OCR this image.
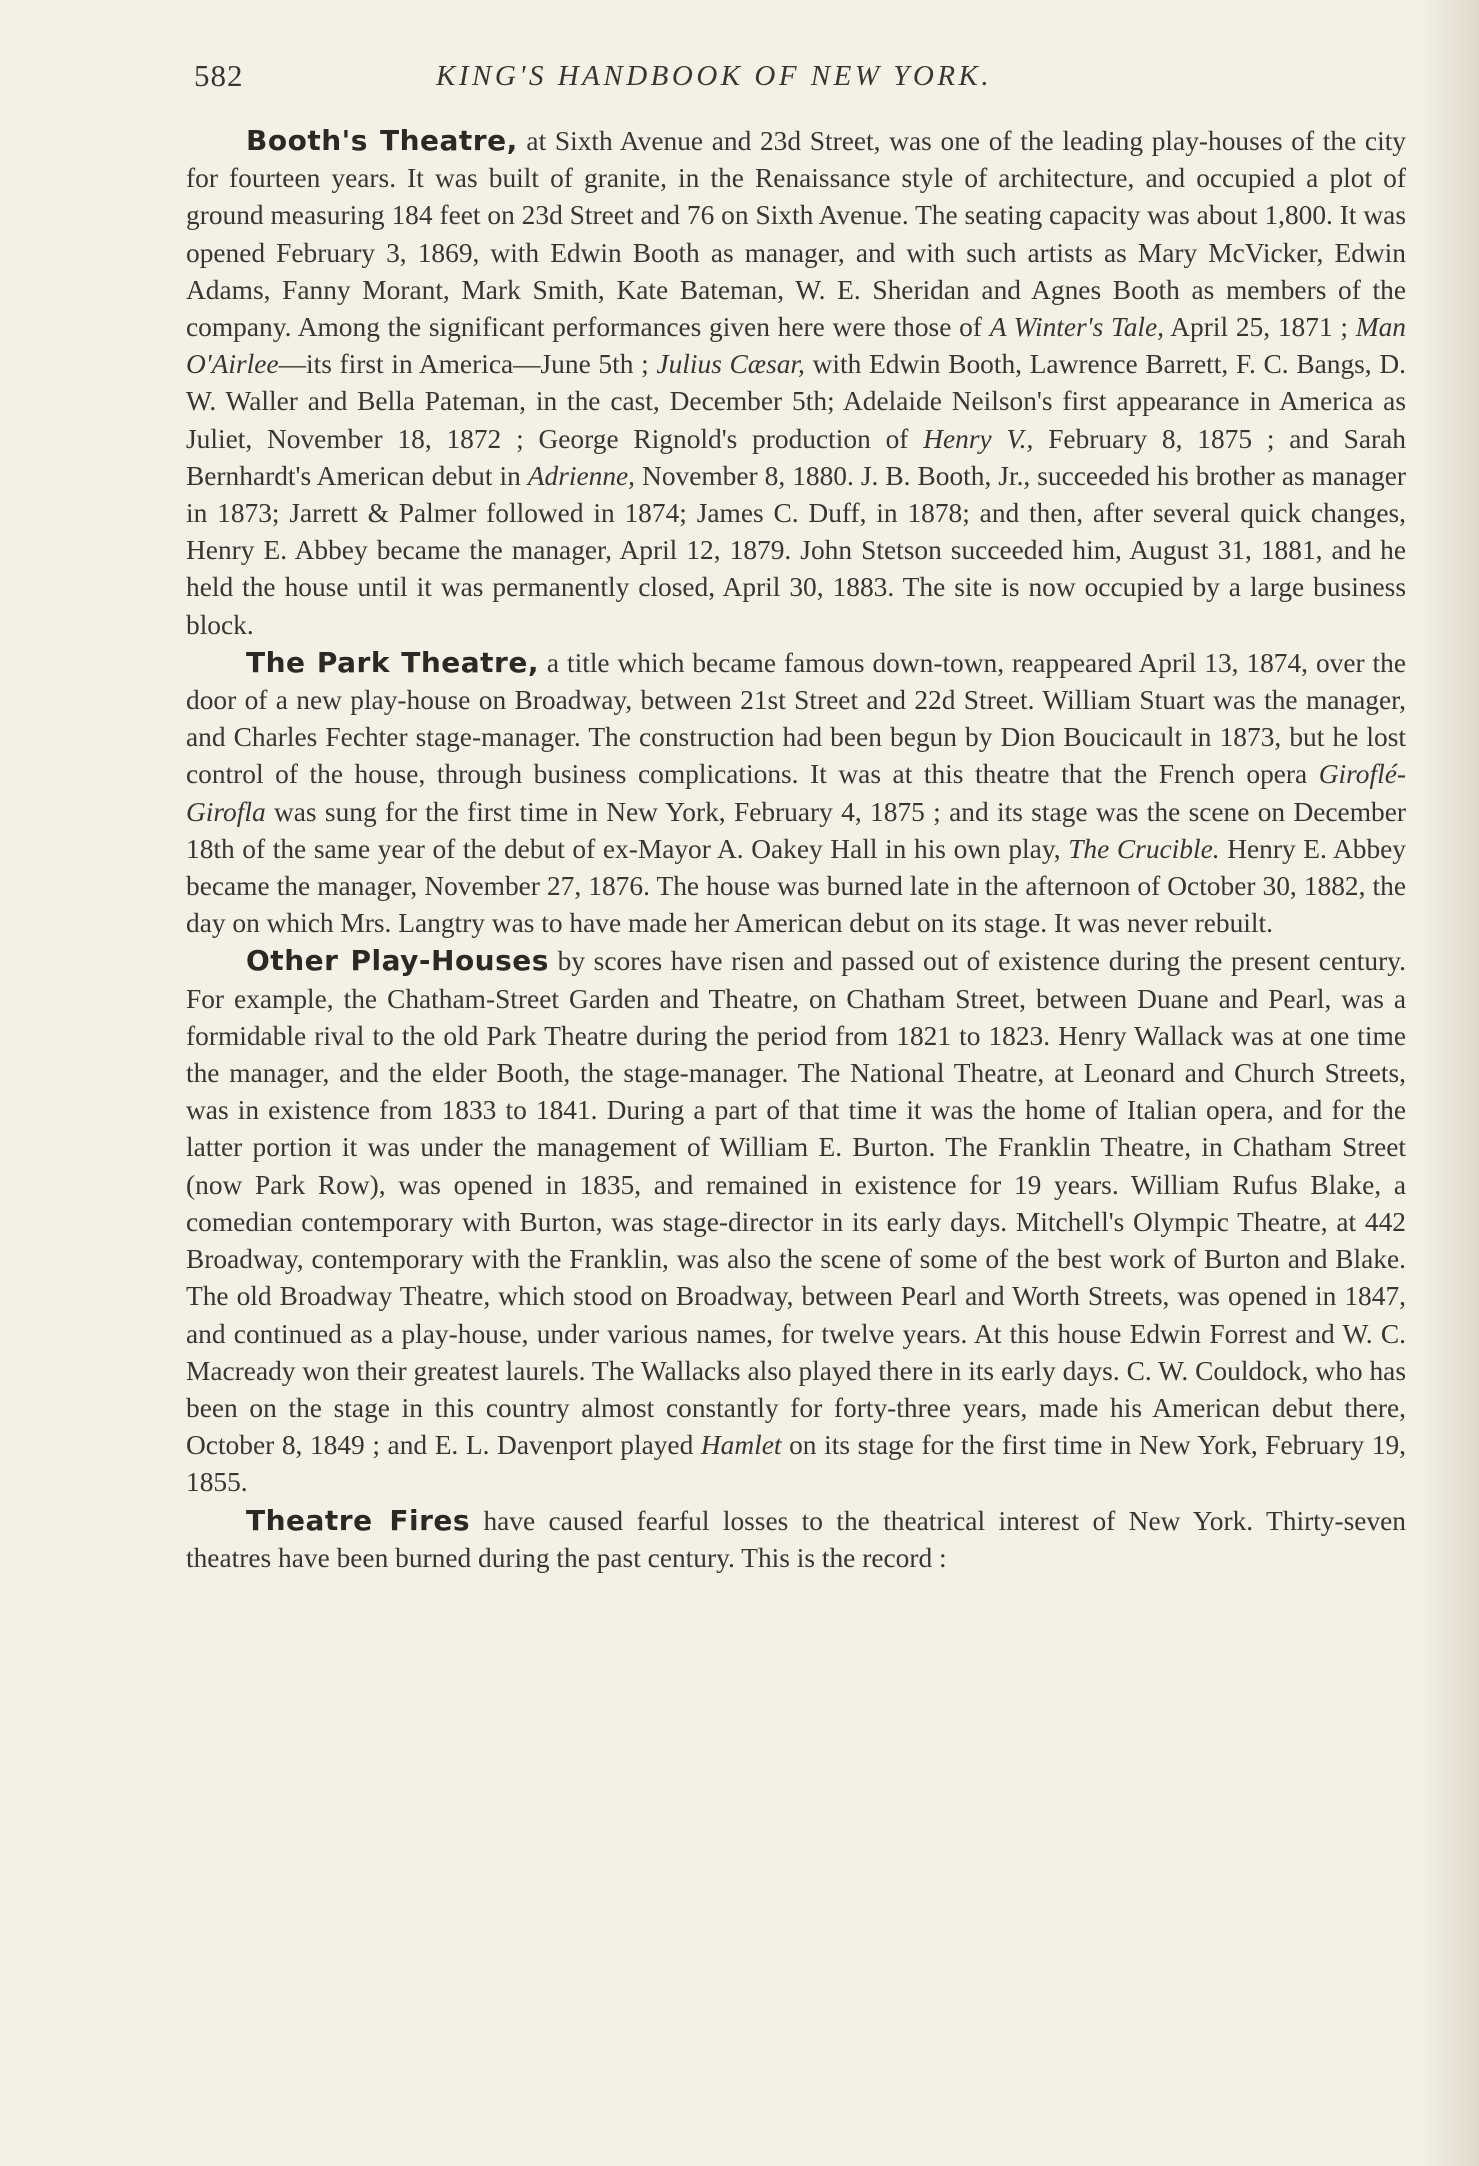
582	KING'S HANDBOOK OF NEW YORK.

Booth's Theatre, at Sixth Avenue and 23d Street, was one of the leading play-houses of the city for fourteen years. It was built of granite, in the Renaissance style of architecture, and occupied a plot of ground measuring 184 feet on 23d Street and 76 on Sixth Avenue. The seating capacity was about 1,800. It was opened February 3, 1869, with Edwin Booth as manager, and with such artists as Mary McVicker, Edwin Adams, Fanny Morant, Mark Smith, Kate Bateman, W. E. Sheridan and Agnes Booth as members of the company. Among the significant performances given here were those of A Winter's Tale, April 25, 1871 ; Man O'Airlee—its first in America—June 5th ; Julius Cæsar, with Edwin Booth, Lawrence Barrett, F. C. Bangs, D. W. Waller and Bella Pateman, in the cast, December 5th; Adelaide Neilson's first appearance in America as Juliet, November 18, 1872 ; George Rignold's production of Henry V., February 8, 1875 ; and Sarah Bernhardt's American debut in Adrienne, November 8, 1880. J. B. Booth, Jr., succeeded his brother as manager in 1873; Jarrett & Palmer followed in 1874; James C. Duff, in 1878; and then, after several quick changes, Henry E. Abbey became the manager, April 12, 1879. John Stetson succeeded him, August 31, 1881, and he held the house until it was permanently closed, April 30, 1883. The site is now occupied by a large business block.

The Park Theatre, a title which became famous down-town, reappeared April 13, 1874, over the door of a new play-house on Broadway, between 21st Street and 22d Street. William Stuart was the manager, and Charles Fechter stage-manager. The construction had been begun by Dion Boucicault in 1873, but he lost control of the house, through business complications. It was at this theatre that the French opera Giroflé-Girofla was sung for the first time in New York, February 4, 1875 ; and its stage was the scene on December 18th of the same year of the debut of ex-Mayor A. Oakey Hall in his own play, The Crucible. Henry E. Abbey became the manager, November 27, 1876. The house was burned late in the afternoon of October 30, 1882, the day on which Mrs. Langtry was to have made her American debut on its stage. It was never rebuilt.

Other Play-Houses by scores have risen and passed out of existence during the present century. For example, the Chatham-Street Garden and Theatre, on Chatham Street, between Duane and Pearl, was a formidable rival to the old Park Theatre during the period from 1821 to 1823. Henry Wallack was at one time the manager, and the elder Booth, the stage-manager. The National Theatre, at Leonard and Church Streets, was in existence from 1833 to 1841. During a part of that time it was the home of Italian opera, and for the latter portion it was under the management of William E. Burton. The Franklin Theatre, in Chatham Street (now Park Row), was opened in 1835, and remained in existence for 19 years. William Rufus Blake, a comedian contemporary with Burton, was stage-director in its early days. Mitchell's Olympic Theatre, at 442 Broadway, contemporary with the Franklin, was also the scene of some of the best work of Burton and Blake. The old Broadway Theatre, which stood on Broadway, between Pearl and Worth Streets, was opened in 1847, and continued as a play-house, under various names, for twelve years. At this house Edwin Forrest and W. C. Macready won their greatest laurels. The Wallacks also played there in its early days. C. W. Couldock, who has been on the stage in this country almost constantly for forty-three years, made his American debut there, October 8, 1849 ; and E. L. Davenport played Hamlet on its stage for the first time in New York, February 19, 1855.

Theatre Fires have caused fearful losses to the theatrical interest of New York. Thirty-seven theatres have been burned during the past century. This is the record :
